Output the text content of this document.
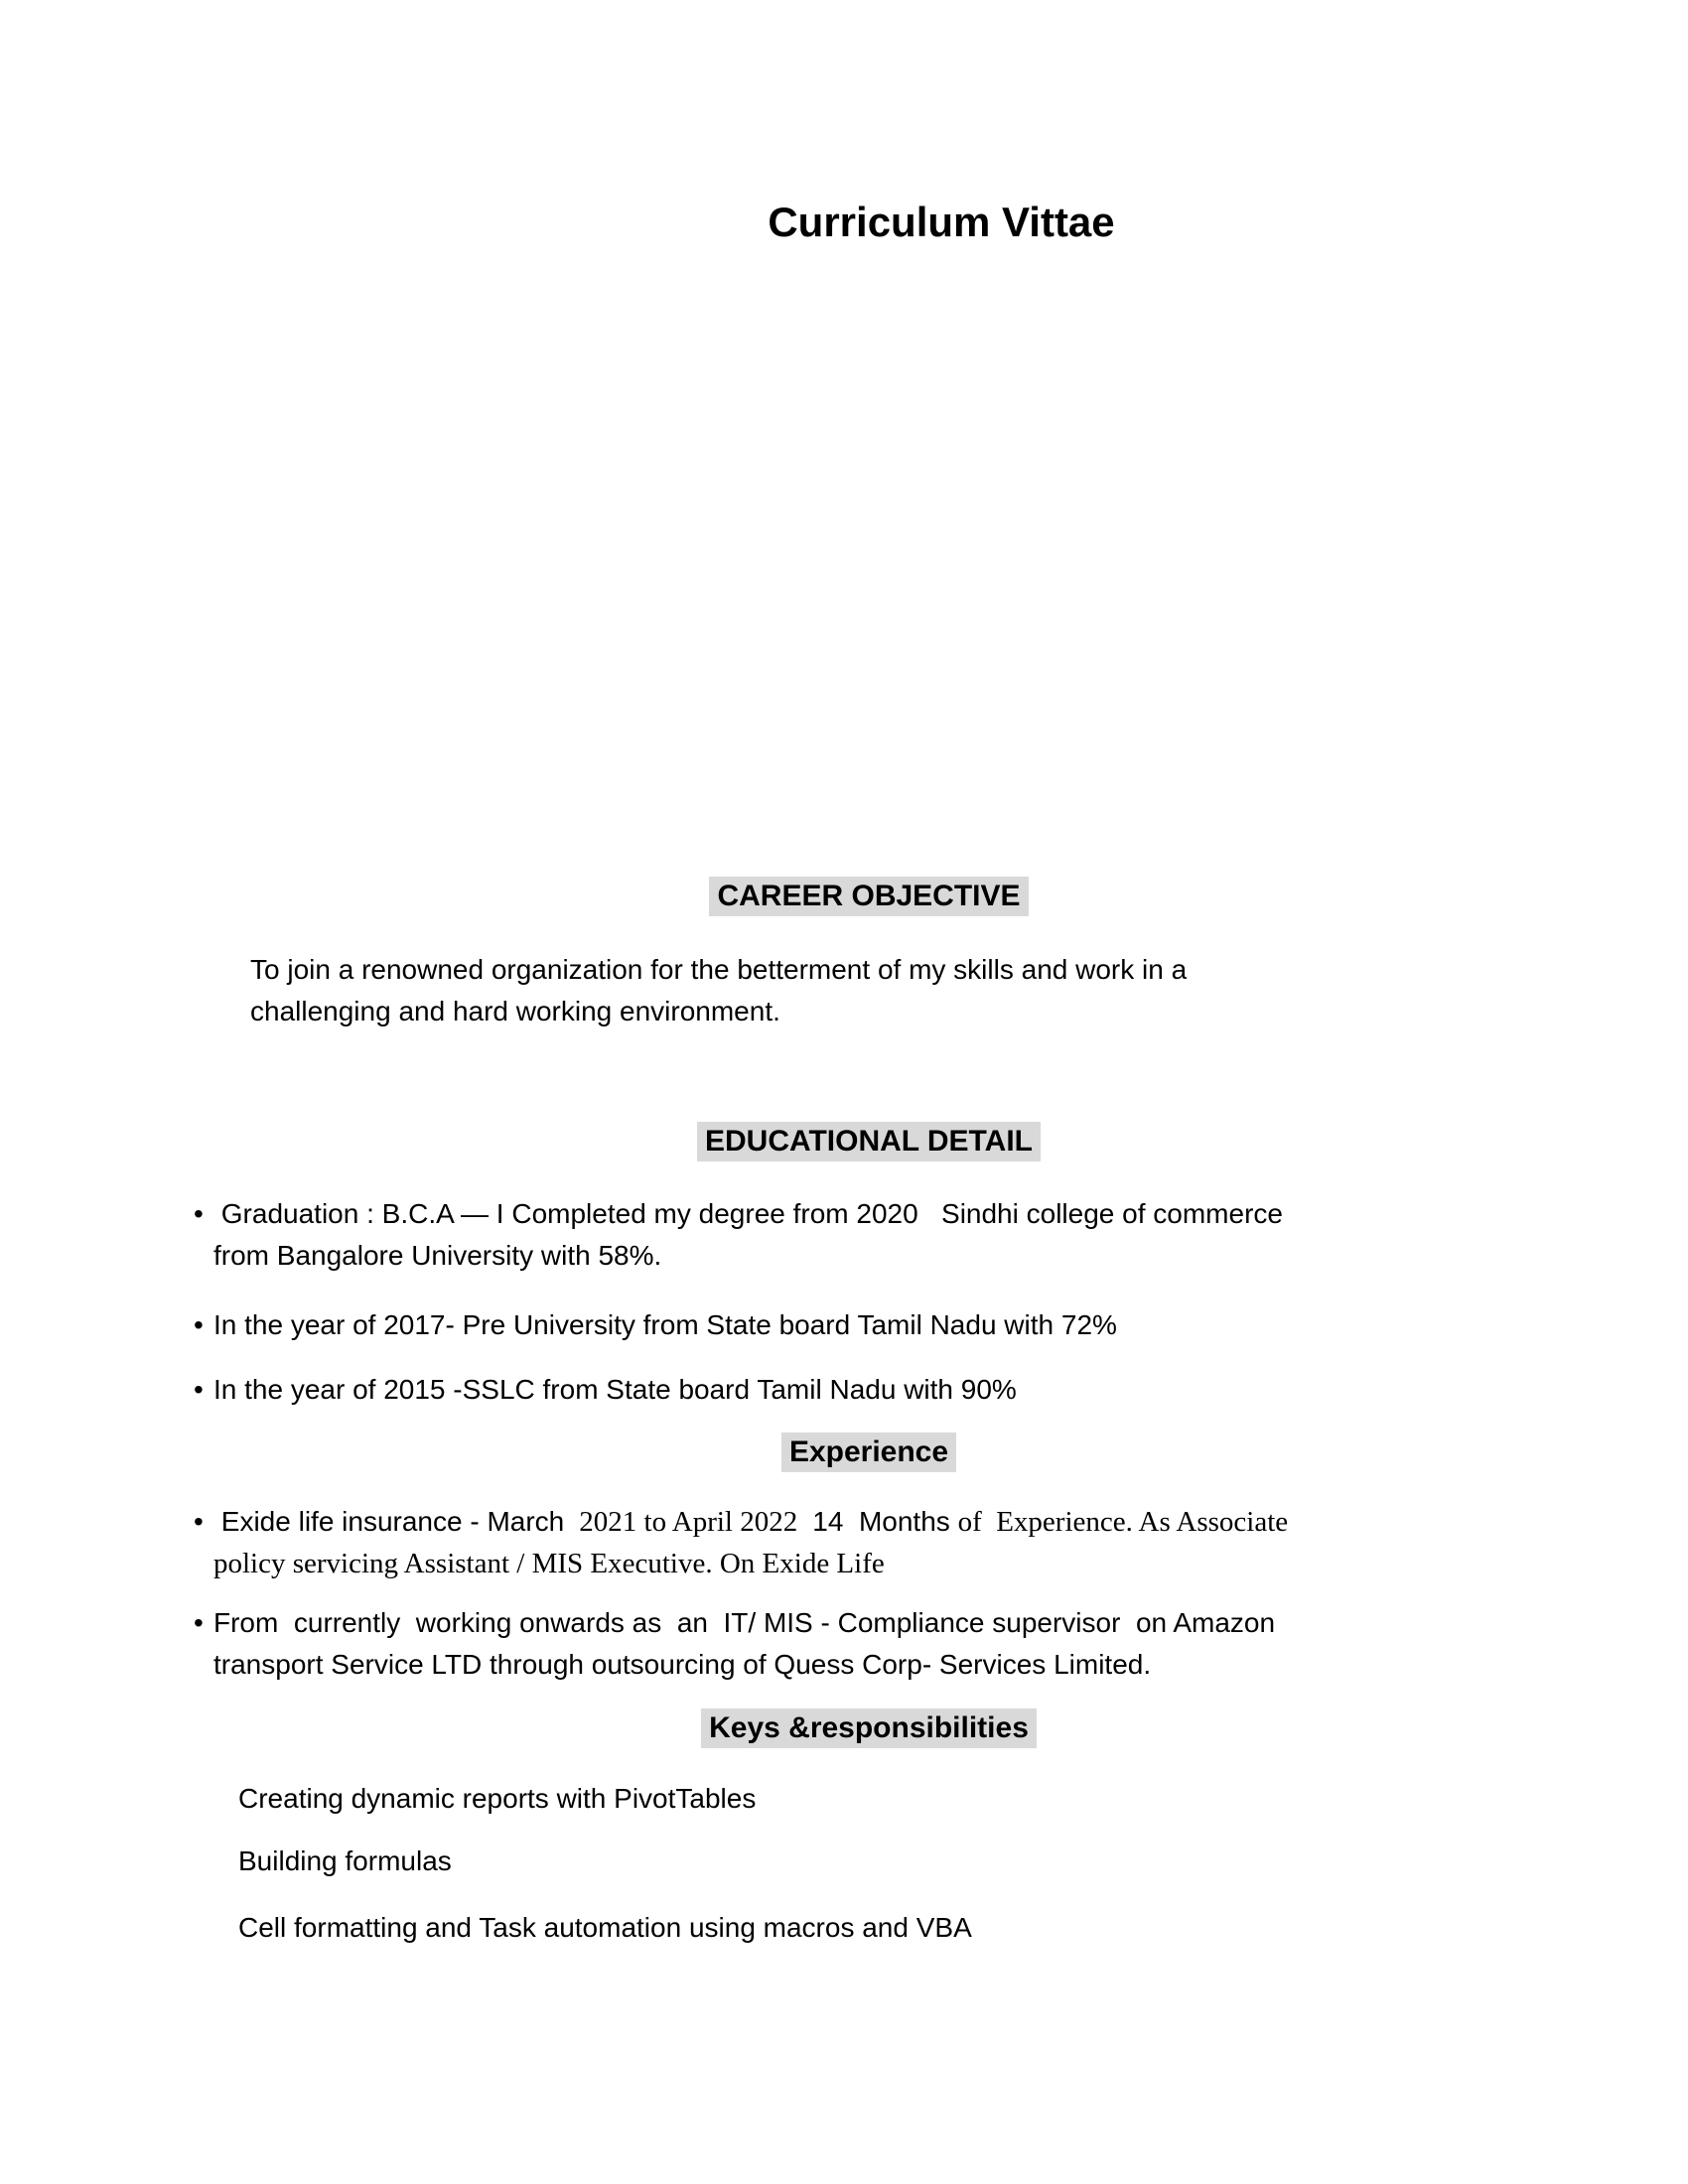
Curriculum Vittae
CAREER OBJECTIVE
To join a renowned organization for the betterment of my skills and work in a
challenging and hard working environment.
EDUCATIONAL DETAIL
•
Graduation : B.C.A — I Completed my degree from 2020   Sindhi college of commerce
from Bangalore University with 58%.
•
In the year of 2017- Pre University from State board Tamil Nadu with 72%
•
In the year of 2015 -SSLC from State board Tamil Nadu with 90%
Experience
•
Exide life insurance - March  2021 to April 2022  14  Months of  Experience. As Associate
policy servicing Assistant / MIS Executive. On Exide Life
•
From  currently  working onwards as  an  IT/ MIS - Compliance supervisor  on Amazon
transport Service LTD through outsourcing of Quess Corp- Services Limited.
Keys &responsibilities
Creating dynamic reports with PivotTables
Building formulas
Cell formatting and Task automation using macros and VBA
